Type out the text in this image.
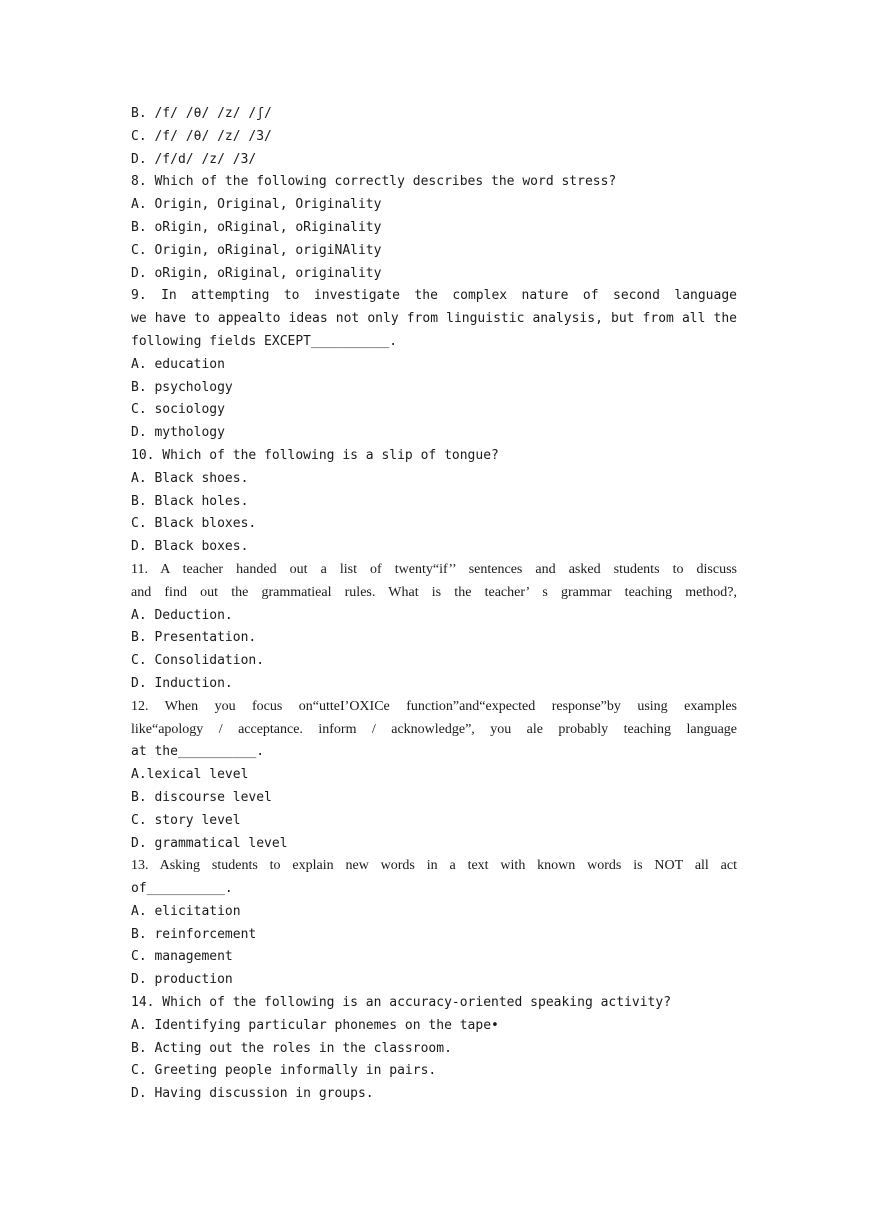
B. /f/ /θ/ /z/ /ʃ/
C. /f/ /θ/ /z/ /3/
D. /f/d/ /z/ /3/
8. Which of the following correctly describes the word stress?
A. Origin, Original, Originality
B. oRigin, oRiginal, oRiginality
C. Origin, oRiginal, origiNAlity
D. oRigin, oRiginal, originality
9. In attempting to investigate the complex nature of second language
we have to appealto ideas not only from linguistic analysis, but from all the
following fields EXCEPT__________.
A. education
B. psychology
C. sociology
D. mythology
10. Which of the following is a slip of tongue?
A. Black shoes.
B. Black holes.
C. Black bloxes.
D. Black boxes.
11. A teacher handed out a list of twenty“if’’ sentences and asked students to discuss
and find out the grammatieal rules. What is the teacher’ s grammar teaching method?,
A. Deduction.
B. Presentation.
C. Consolidation.
D. Induction.
12. When you focus on“utteI’OXICe function”and“expected response”by using examples
like“apology / acceptance. inform / acknowledge”, you ale probably teaching language
at the__________.
A.lexical level
B. discourse level
C. story level
D. grammatical level
13. Asking students to explain new words in a text with known words is NOT all act
of__________.
A. elicitation
B. reinforcement
C. management
D. production
14. Which of the following is an accuracy-oriented speaking activity?
A. Identifying particular phonemes on the tape•
B. Acting out the roles in the classroom.
C. Greeting people informally in pairs.
D. Having discussion in groups.
